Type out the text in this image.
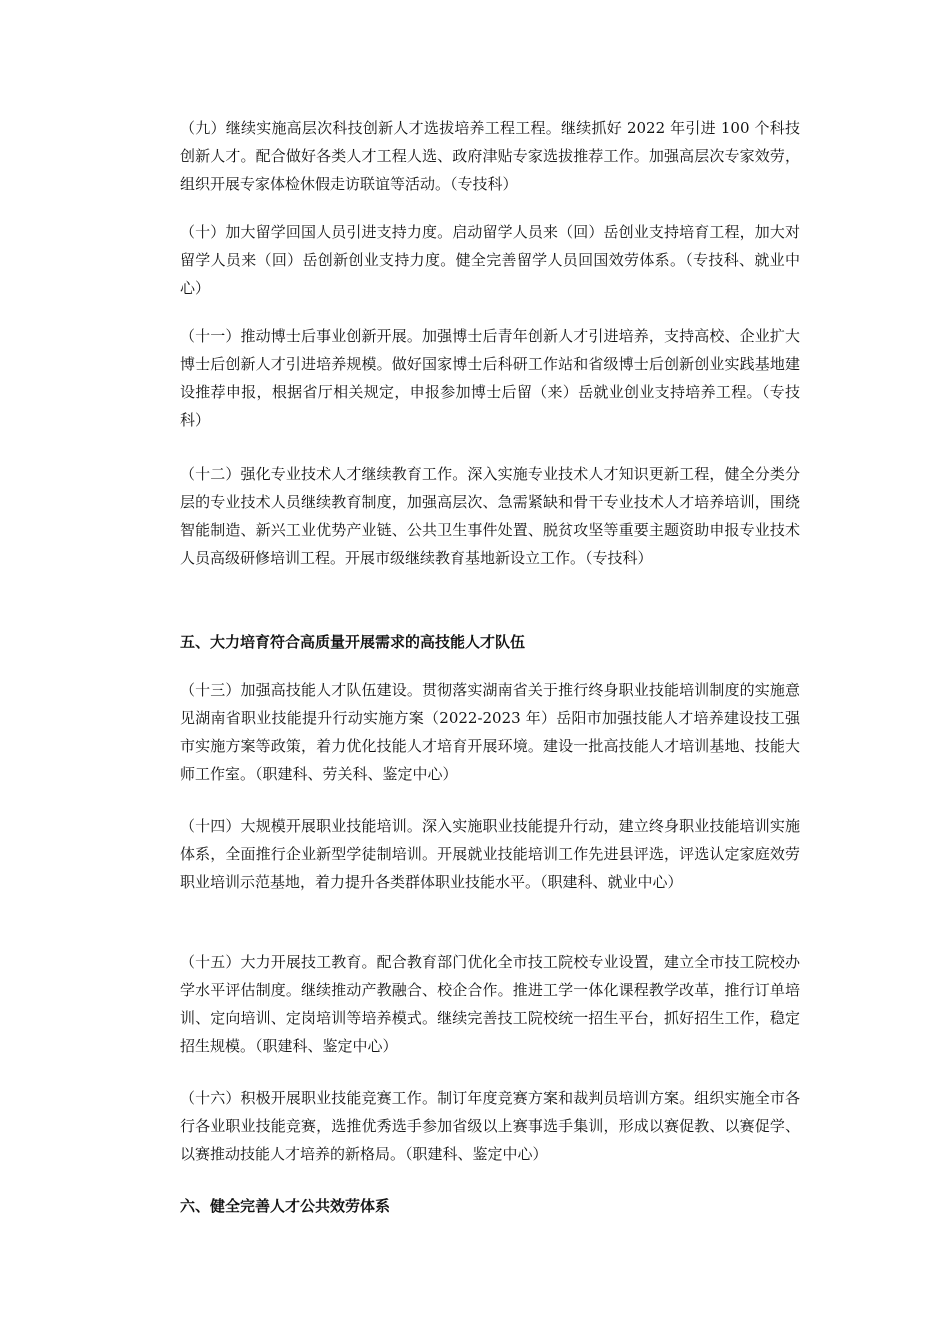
（九）继续实施高层次科技创新人才选拔培养工程工程。继续抓好 2022 年引进 100 个科技创新人才。配合做好各类人才工程人选、政府津贴专家选拔推荐工作。加强高层次专家效劳，组织开展专家体检休假走访联谊等活动。（专技科）

（十）加大留学回国人员引进支持力度。启动留学人员来（回）岳创业支持培育工程，加大对留学人员来（回）岳创新创业支持力度。健全完善留学人员回国效劳体系。（专技科、就业中心）

（十一）推动博士后事业创新开展。加强博士后青年创新人才引进培养，支持高校、企业扩大博士后创新人才引进培养规模。做好国家博士后科研工作站和省级博士后创新创业实践基地建设推荐申报，根据省厅相关规定，申报参加博士后留（来）岳就业创业支持培养工程。（专技科）

（十二）强化专业技术人才继续教育工作。深入实施专业技术人才知识更新工程，健全分类分层的专业技术人员继续教育制度，加强高层次、急需紧缺和骨干专业技术人才培养培训，围绕智能制造、新兴工业优势产业链、公共卫生事件处置、脱贫攻坚等重要主题资助申报专业技术人员高级研修培训工程。开展市级继续教育基地新设立工作。（专技科）

五、大力培育符合高质量开展需求的高技能人才队伍

（十三）加强高技能人才队伍建设。贯彻落实湖南省关于推行终身职业技能培训制度的实施意见湖南省职业技能提升行动实施方案（2022-2023 年）岳阳市加强技能人才培养建设技工强市实施方案等政策，着力优化技能人才培育开展环境。建设一批高技能人才培训基地、技能大师工作室。（职建科、劳关科、鉴定中心）

（十四）大规模开展职业技能培训。深入实施职业技能提升行动，建立终身职业技能培训实施体系，全面推行企业新型学徒制培训。开展就业技能培训工作先进县评选，评选认定家庭效劳职业培训示范基地，着力提升各类群体职业技能水平。（职建科、就业中心）

（十五）大力开展技工教育。配合教育部门优化全市技工院校专业设置，建立全市技工院校办学水平评估制度。继续推动产教融合、校企合作。推进工学一体化课程教学改革，推行订单培训、定向培训、定岗培训等培养模式。继续完善技工院校统一招生平台，抓好招生工作，稳定招生规模。（职建科、鉴定中心）

（十六）积极开展职业技能竞赛工作。制订年度竞赛方案和裁判员培训方案。组织实施全市各行各业职业技能竞赛，选推优秀选手参加省级以上赛事选手集训，形成以赛促教、以赛促学、以赛推动技能人才培养的新格局。（职建科、鉴定中心）

六、健全完善人才公共效劳体系
